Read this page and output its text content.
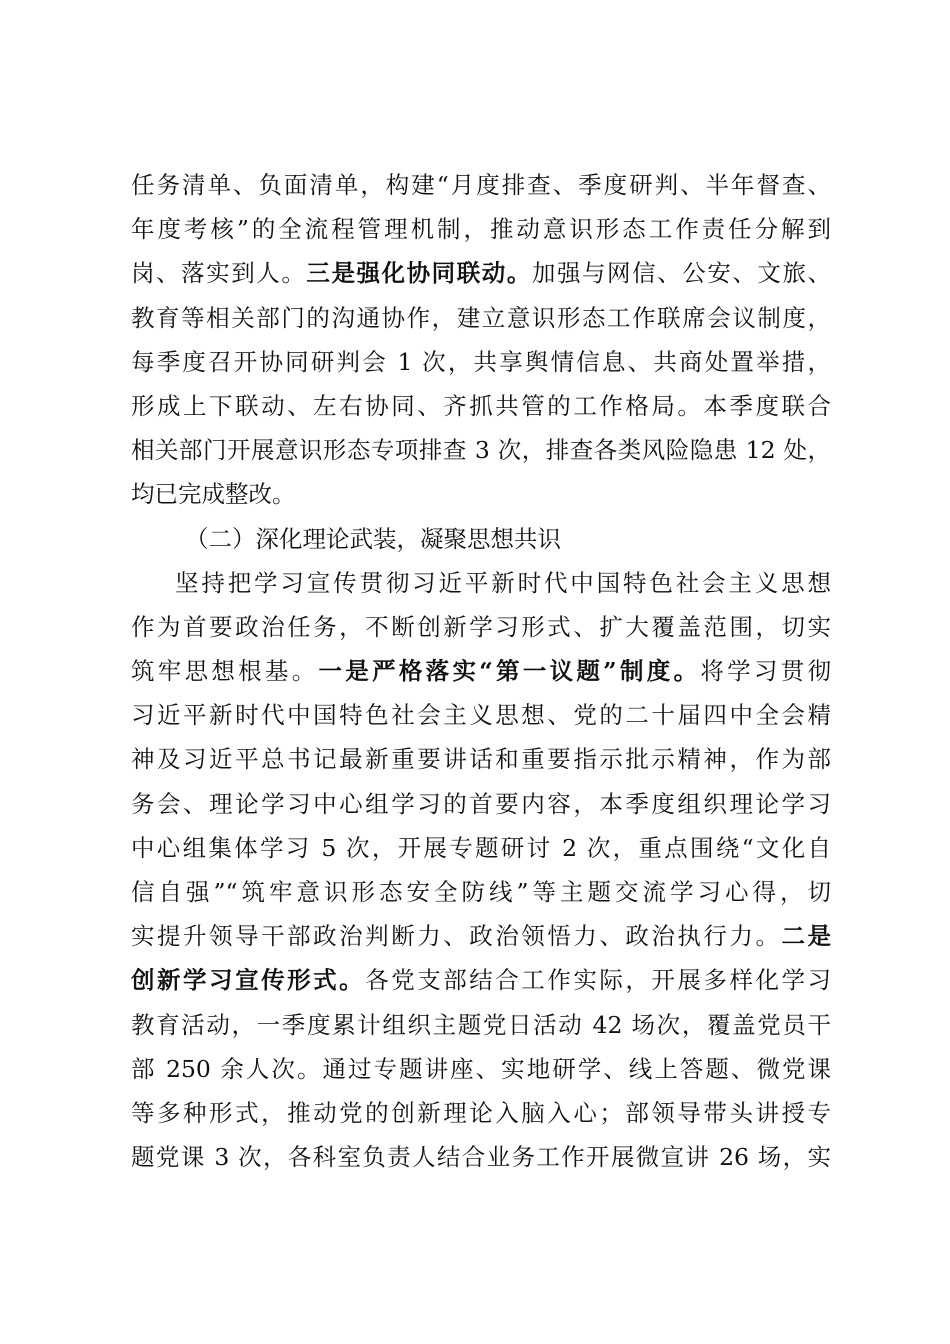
任务清单、负面清单，构建“月度排查、季度研判、半年督查、
年度考核”的全流程管理机制，推动意识形态工作责任分解到
岗、落实到人。三是强化协同联动。加强与网信、公安、文旅、
教育等相关部门的沟通协作，建立意识形态工作联席会议制度，
每季度召开协同研判会 1 次，共享舆情信息、共商处置举措，
形成上下联动、左右协同、齐抓共管的工作格局。本季度联合
相关部门开展意识形态专项排查 3 次，排查各类风险隐患 12 处，
均已完成整改。
（二）深化理论武装，凝聚思想共识
坚持把学习宣传贯彻习近平新时代中国特色社会主义思想
作为首要政治任务，不断创新学习形式、扩大覆盖范围，切实
筑牢思想根基。一是严格落实“第一议题”制度。将学习贯彻
习近平新时代中国特色社会主义思想、党的二十届四中全会精
神及习近平总书记最新重要讲话和重要指示批示精神，作为部
务会、理论学习中心组学习的首要内容，本季度组织理论学习
中心组集体学习 5 次，开展专题研讨 2 次，重点围绕“文化自
信自强”“筑牢意识形态安全防线”等主题交流学习心得，切
实提升领导干部政治判断力、政治领悟力、政治执行力。二是
创新学习宣传形式。各党支部结合工作实际，开展多样化学习
教育活动，一季度累计组织主题党日活动 42 场次，覆盖党员干
部 250 余人次。通过专题讲座、实地研学、线上答题、微党课
等多种形式，推动党的创新理论入脑入心；部领导带头讲授专
题党课 3 次，各科室负责人结合业务工作开展微宣讲 26 场，实
